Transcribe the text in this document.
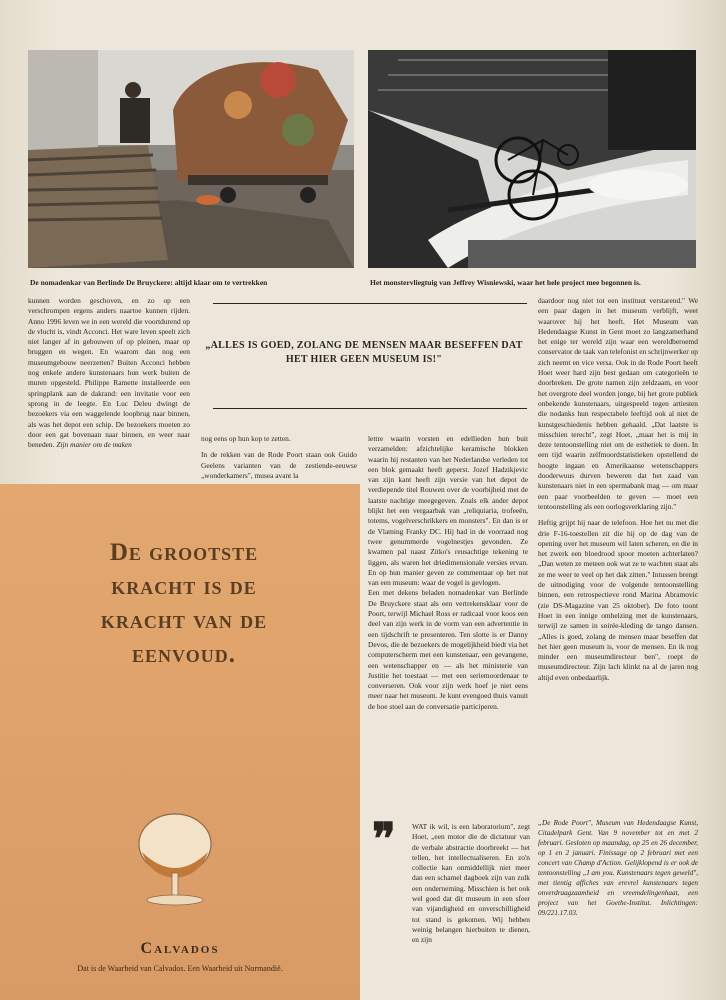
De nomadenkar van Berlinde De Bruyckere: altijd klaar om te vertrekken	Het monstervliegtuig van Jeffrey Wisniewski, waar het hele project mee begonnen is.

kunnen worden geschoven, en zo op een verschrompen ergens anders naartoe kunnen rijden. Anno 1996 leven we in een wereld die voortdurend op de vlucht is, vindt Acconci. Het ware leven speelt zich niet langer af in gebouwen of op pleinen, maar op bruggen en wegen. En waarom dan nog een museumgebouw neerzetten? Buiten Acconci hebben nog enkele andere kunstenaars hun werk buiten de muren opgesteld. Philippe Ramette installeerde een springplank aan de dakrand: een invitatie voor een sprong in de leegte. En Luc Deleu dwingt de bezoekers via een waggelende loopbrug naar binnen, als was het depot een schip. De bezoekers moeten zo door een gat bovenaan naar binnen, en weer naar beneden. Zijn manier om de maken

„ALLES IS GOED, ZOLANG DE MENSEN MAAR BESEFFEN DAT
HET HIER GEEN MUSEUM IS!"

nog eens op hun kop te zetten.

In de rekken van de Rode Poort staan ook Guido Geelens varianten van de zestiende-eeuwse „wonderkamers", musea avant la

lettre waarin vorsten en edellieden hun buit verzamelden: afzichtelijke keramische blokken waarin hij restanten van het Nederlandse verleden tot een blok gemaakt heeft geperst. Jozef Hadzikjevic van zijn kant heeft zijn versie van het depot de verdiepende titel Rouwen over de voorbijheid met de laatste nachtige meegegeven. Zoals elk ander depot blijkt het een vergaarbak van „reliquiaria, trofeeën, totems, vogelverschrikkers en monsters". En dan is er de Vlaming Franky DC. Hij had in de voorraad nog twee genummerde vogelnestjes gevonden. Ze kwamen pal naast Zitko's reusachtige tekening te liggen, als waren het driedimensionale versies ervan. En op hun manier geven ze commentaar op het nut van een museum: waar de vogel is gevlogen.

Een met dekens beladen nomadenkar van Berlinde De Bruyckere staat als een vertrekensklaar voor de Poort, terwijl Michael Ross er radicaal voor koos een deel van zijn werk in de vorm van een advertentie in een tijdschrift te presenteren. Ten slotte is er Danny Devos, die de bezoekers de mogelijkheid biedt via het computerscherm met een kunstenaar, een gevangene, een wetenschapper en — als het ministerie van Justitie het toestaat — met een seriemoordenaar te converseren. Ook voor zijn werk hoef je niet eens meer naar het museum. Je kunt evengoed thuis vanuit de hoe stoel aan de conversatie participeren.

daardoor nog niet tot een instituut verstarend." We een paar dagen in het museum verblijft, weet waarover hij het heeft. Het Museum van Hedendaagse Kunst in Gent moet zo langzamerhand het enige ter wereld zijn waar een wereldberoemd conservator de taak van telefonist en schrijnwerker op zich neemt en vice versa. Ook in de Rode Poort heeft Hoet weer hard zijn best gedaan om categorieën te doorbreken. De grote namen zijn zeldzaam, en voor het overgrote deel worden jonge, bij het grote publiek onbekende kunstenaars, uitgespeeld tegen artiesten die nodanks hun respectabele leeftijd ook al niet de kunstgeschiedenis hebben gehaald. „Dat laatste is misschien terecht", zegt Hoet, „maar het is mij in deze tentoonstelling niet om de esthetiek te doen. In een tijd waarin zelfmoordstatistieken opstellend de hoogte ingaan en Amerikaanse wetenschappers dooderwuus durven beweren dat het zaad van kunstenaars niet in een spermabank mag — om maar een paar voorbeelden te geven — moet een tentoonstelling als een oorlogsverklaring zijn."

Heftig grijpt hij naar de telefoon. Hoe het nu met die drie F-16-toestellen zit die hij op de dag van de opening over het museum wil laten scheren, en die in het zwerk een bloedrood spoor moeten achterlaten? „Dan weten ze meteen ook wat ze te wachten staat als ze me weer te veel op het dak zitten." Intussen brengt de uitnodiging voor de volgende tentoonstelling binnen, een retrospectieve rond Marina Abramovic (zie DS-Magazine van 25 oktober). De foto toont Hoet in een innige omhelzing met de kunstenaars, terwijl ze samen in soirée-kleding de tango dansen. „Alles is goed, zolang de mensen maar beseffen dat het hier geen museum is, voor de mensen. En ik nog minder een museumdirecteur ben", roept de museumdirecteur. Zijn lach klinkt na al de jaren nog altijd even onbedaarlijk.

❞ WAT ik wil, is een laboratorium", zegt Hoet, „een motor die de dictatuur van de verbale abstractie doorbreekt — het tellen, het intellectualiseren. En zo'n collectie kan onmiddellijk niet meer dan een schamel dagboek zijn van zulk een onderneming. Misschien is het ook wel goed dat dit museum in een sfeer van vijandigheid en onverschilligheid tot stand is gekomen. Wij hebben weinig belangen hierbuiten te dienen, en zijn

„De Rode Poort", Museum van Hedendaagse Kunst, Citadelpark Gent. Van 9 november tot en met 2 februari. Gesloten op maandag, op 25 en 26 december, op 1 en 2 januari. Finissage op 2 februari met een concert van Champ d'Action. Gelijklopend is er ook de tentoonstelling „I am you. Kunstenaars tegen geweld", met tientig affiches van erevrel kunstenaars tegen onverdraagzaamheid en vreemdelingenhaat, een project van het Goethe-Institut. Inlichtingen: 09/221.17.03.
De grootste
kracht is de
kracht van de
eenvoud.
Calvados
Dat is de Waarheid van Calvados. Een Waarheid uit Normandië.
